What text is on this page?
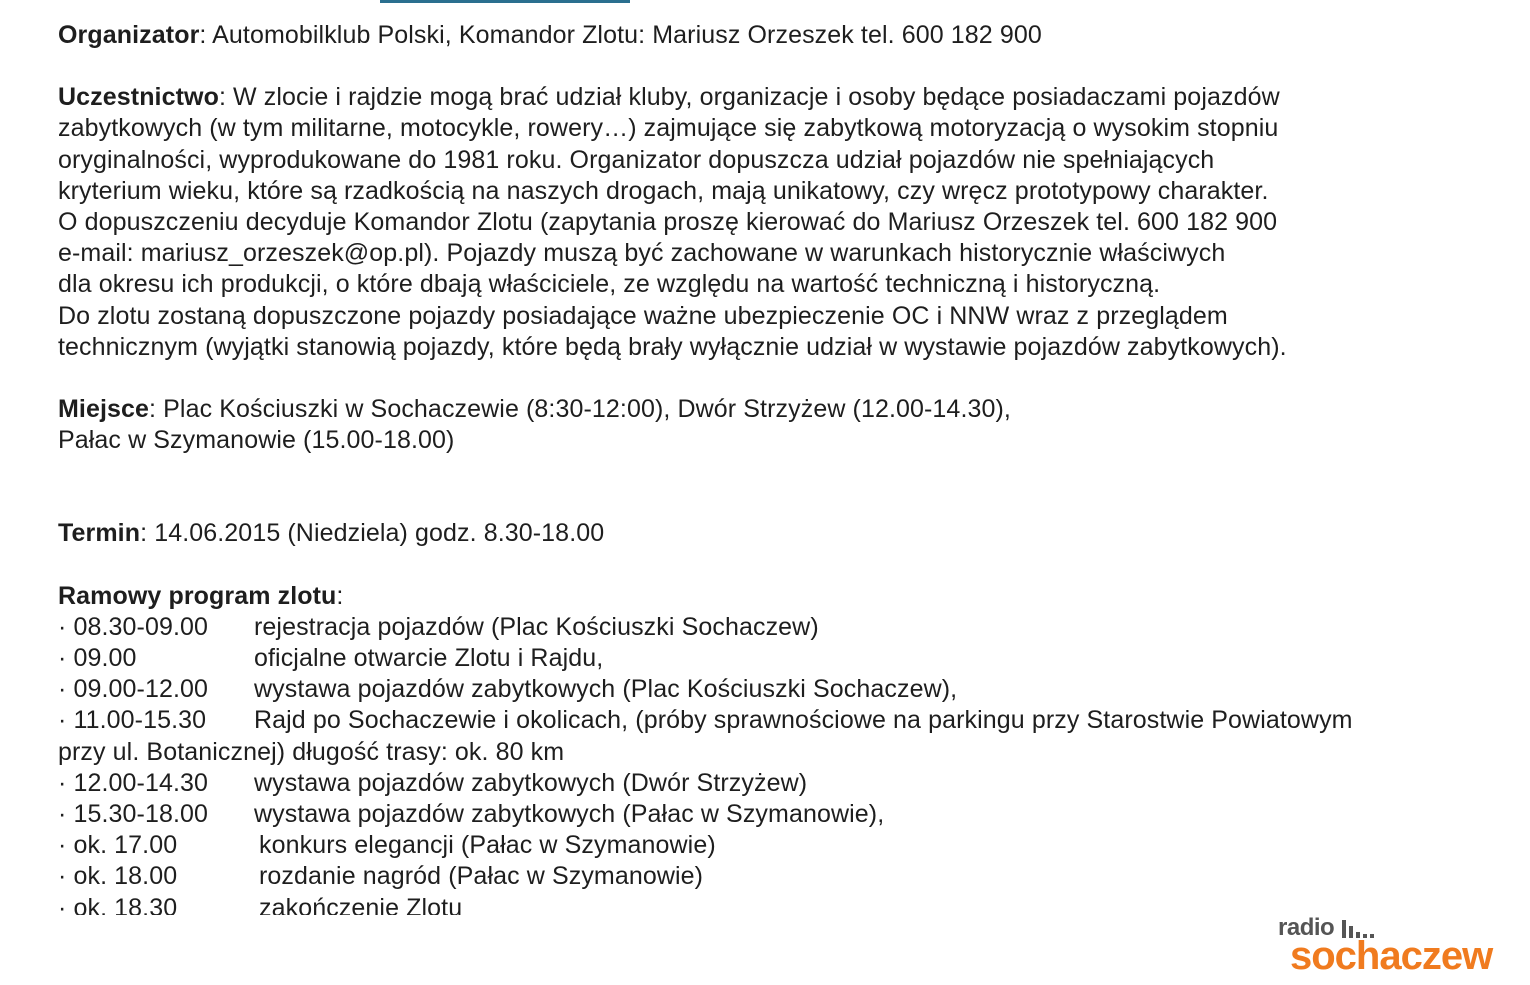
Organizator: Automobilklub Polski, Komandor Zlotu: Mariusz Orzeszek tel. 600 182 900

Uczestnictwo: W zlocie i rajdzie mogą brać udział kluby, organizacje i osoby będące posiadaczami pojazdów

zabytkowych (w tym militarne, motocykle, rowery…) zajmujące się zabytkową motoryzacją o wysokim stopniu

oryginalności, wyprodukowane do 1981 roku. Organizator dopuszcza udział pojazdów nie spełniających

kryterium wieku, które są rzadkością na naszych drogach, mają unikatowy, czy wręcz prototypowy charakter.

O dopuszczeniu decyduje Komandor Zlotu (zapytania proszę kierować do Mariusz Orzeszek tel. 600 182 900

e-mail: mariusz_orzeszek@op.pl). Pojazdy muszą być zachowane w warunkach historycznie właściwych

dla okresu ich produkcji, o które dbają właściciele, ze względu na wartość techniczną i historyczną.

Do zlotu zostaną dopuszczone pojazdy posiadające ważne ubezpieczenie OC i NNW wraz z przeglądem

technicznym (wyjątki stanowią pojazdy, które będą brały wyłącznie udział w wystawie pojazdów zabytkowych).

Miejsce: Plac Kościuszki w Sochaczewie (8:30-12:00), Dwór Strzyżew (12.00-14.30),

Pałac w Szymanowie (15.00-18.00)

Termin: 14.06.2015 (Niedziela) godz. 8.30-18.00

Ramowy program zlotu:

· 08.30-09.00	rejestracja pojazdów (Plac Kościuszki Sochaczew)
· 09.00	oficjalne otwarcie Zlotu i Rajdu,
· 09.00-12.00	wystawa pojazdów zabytkowych (Plac Kościuszki Sochaczew),
· 11.00-15.30	Rajd po Sochaczewie i okolicach, (próby sprawnościowe na parkingu przy Starostwie Powiatowym

przy ul. Botanicznej) długość trasy: ok. 80 km

· 12.00-14.30	wystawa pojazdów zabytkowych (Dwór Strzyżew)
· 15.30-18.00	wystawa pojazdów zabytkowych (Pałac w Szymanowie),
· ok. 17.00	konkurs elegancji (Pałac w Szymanowie)
· ok. 18.00	rozdanie nagród (Pałac w Szymanowie)
· ok. 18.30	zakończenie Zlotu
radio
sochaczew
